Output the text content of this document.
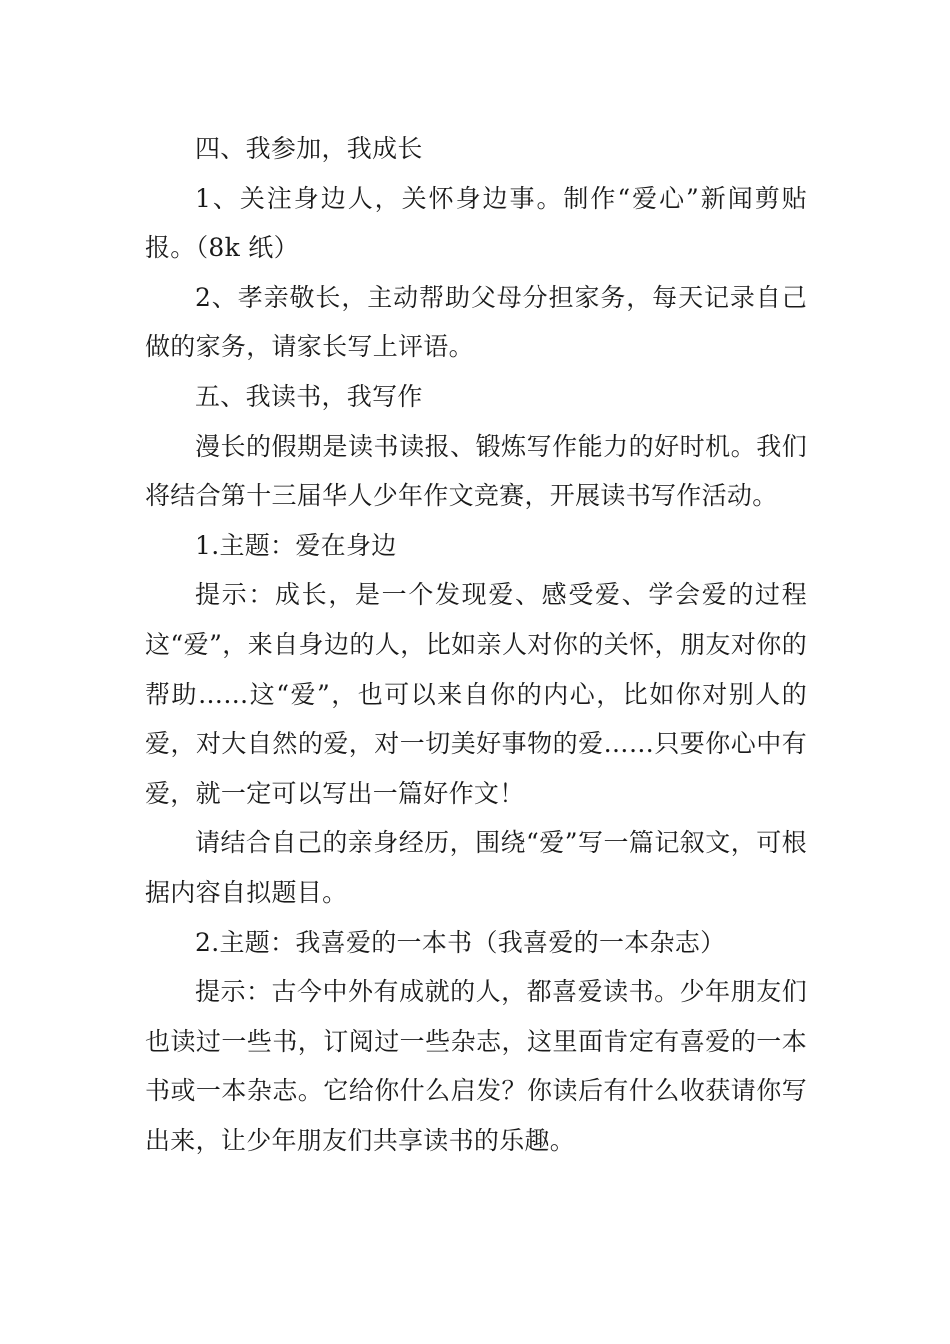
四、我参加，我成长

1、关注身边人，关怀身边事。制作“爱心”新闻剪贴报。（8k 纸）

2、孝亲敬长，主动帮助父母分担家务，每天记录自己做的家务，请家长写上评语。

五、我读书，我写作

漫长的假期是读书读报、锻炼写作能力的好时机。我们将结合第十三届华人少年作文竞赛，开展读书写作活动。

1.主题：爱在身边

提示：成长，是一个发现爱、感受爱、学会爱的过程这“爱”，来自身边的人，比如亲人对你的关怀，朋友对你的帮助……这“爱”，也可以来自你的内心，比如你对别人的爱，对大自然的爱，对一切美好事物的爱……只要你心中有爱，就一定可以写出一篇好作文！

请结合自己的亲身经历，围绕“爱”写一篇记叙文，可根据内容自拟题目。

2.主题：我喜爱的一本书（我喜爱的一本杂志）

提示：古今中外有成就的人，都喜爱读书。少年朋友们也读过一些书，订阅过一些杂志，这里面肯定有喜爱的一本书或一本杂志。它给你什么启发？你读后有什么收获请你写出来，让少年朋友们共享读书的乐趣。
